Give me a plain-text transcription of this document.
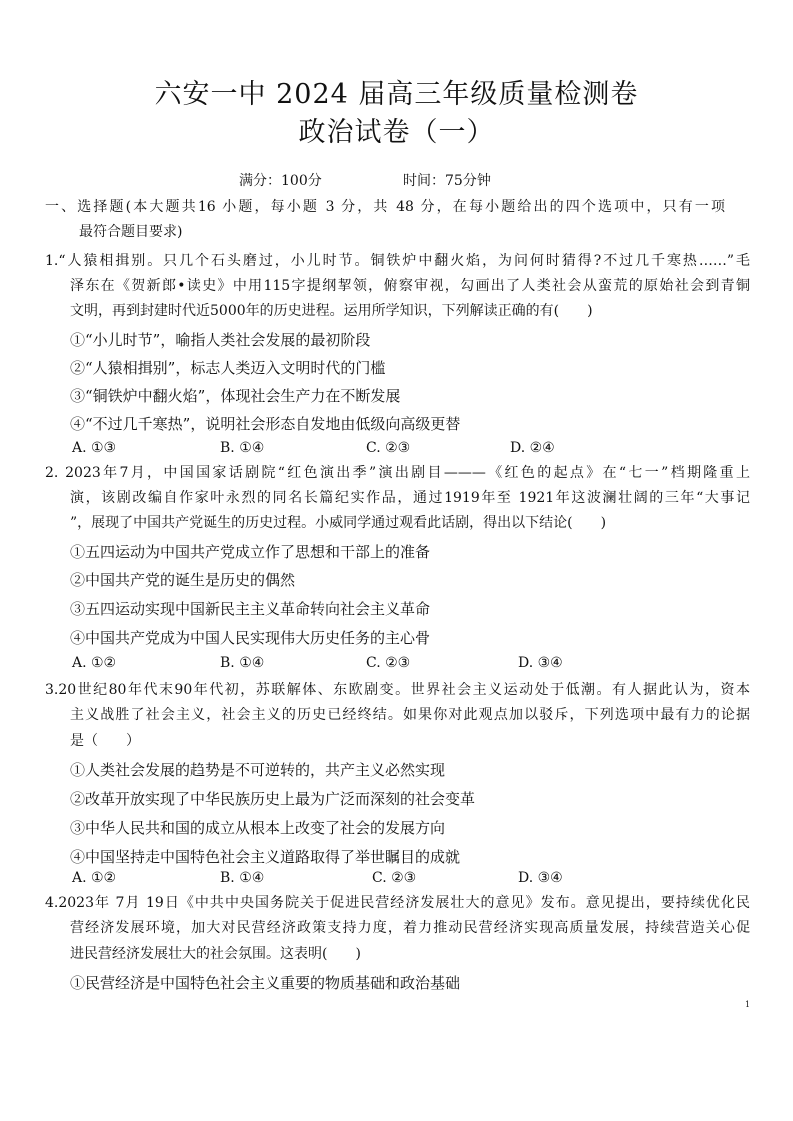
六安一中 2024 届高三年级质量检测卷
政治试卷（一）
满分：100分	时间：75分钟
一、选择题(本大题共16 小题，每小题 3 分，共 48 分，在每小题给出的四个选项中，只有一项
最符合题目要求)
1.“人猿相揖别。只几个石头磨过，小儿时节。铜铁炉中翻火焰，为问何时猜得?不过几千寒热……”毛
泽东在《贺新郎•读史》中用115字提纲挈领，俯察审视，勾画出了人类社会从蛮荒的原始社会到青铜
文明，再到封建时代近5000年的历史进程。运用所学知识，下列解读正确的有(　　)
①“小儿时节”，喻指人类社会发展的最初阶段
②“人猿相揖别”，标志人类迈入文明时代的门槛
③“铜铁炉中翻火焰”，体现社会生产力在不断发展
④“不过几千寒热”，说明社会形态自发地由低级向高级更替
A. ①③	B. ①④	C. ②③	D. ②④
2. 2023年7月，中国国家话剧院“红色演出季”演出剧目———《红色的起点》在“七一”档期隆重上
演，该剧改编自作家叶永烈的同名长篇纪实作品，通过1919年至 1921年这波澜壮阔的三年“大事记
”，展现了中国共产党诞生的历史过程。小威同学通过观看此话剧，得出以下结论(　　)
①五四运动为中国共产党成立作了思想和干部上的准备
②中国共产党的诞生是历史的偶然
③五四运动实现中国新民主主义革命转向社会主义革命
④中国共产党成为中国人民实现伟大历史任务的主心骨
A. ①②	B. ①④	C. ②③	D. ③④
3.20世纪80年代末90年代初，苏联解体、东欧剧变。世界社会主义运动处于低潮。有人据此认为，资本
主义战胜了社会主义，社会主义的历史已经终结。如果你对此观点加以驳斥，下列选项中最有力的论据
是（　　）
①人类社会发展的趋势是不可逆转的，共产主义必然实现
②改革开放实现了中华民族历史上最为广泛而深刻的社会变革
③中华人民共和国的成立从根本上改变了社会的发展方向
④中国坚持走中国特色社会主义道路取得了举世瞩目的成就
A. ①②	B. ①④	C. ②③	D. ③④
4.2023年 7月 19日《中共中央国务院关于促进民营经济发展壮大的意见》发布。意见提出，要持续优化民
营经济发展环境，加大对民营经济政策支持力度，着力推动民营经济实现高质量发展，持续营造关心促
进民营经济发展壮大的社会氛围。这表明(　　)
①民营经济是中国特色社会主义重要的物质基础和政治基础
1
